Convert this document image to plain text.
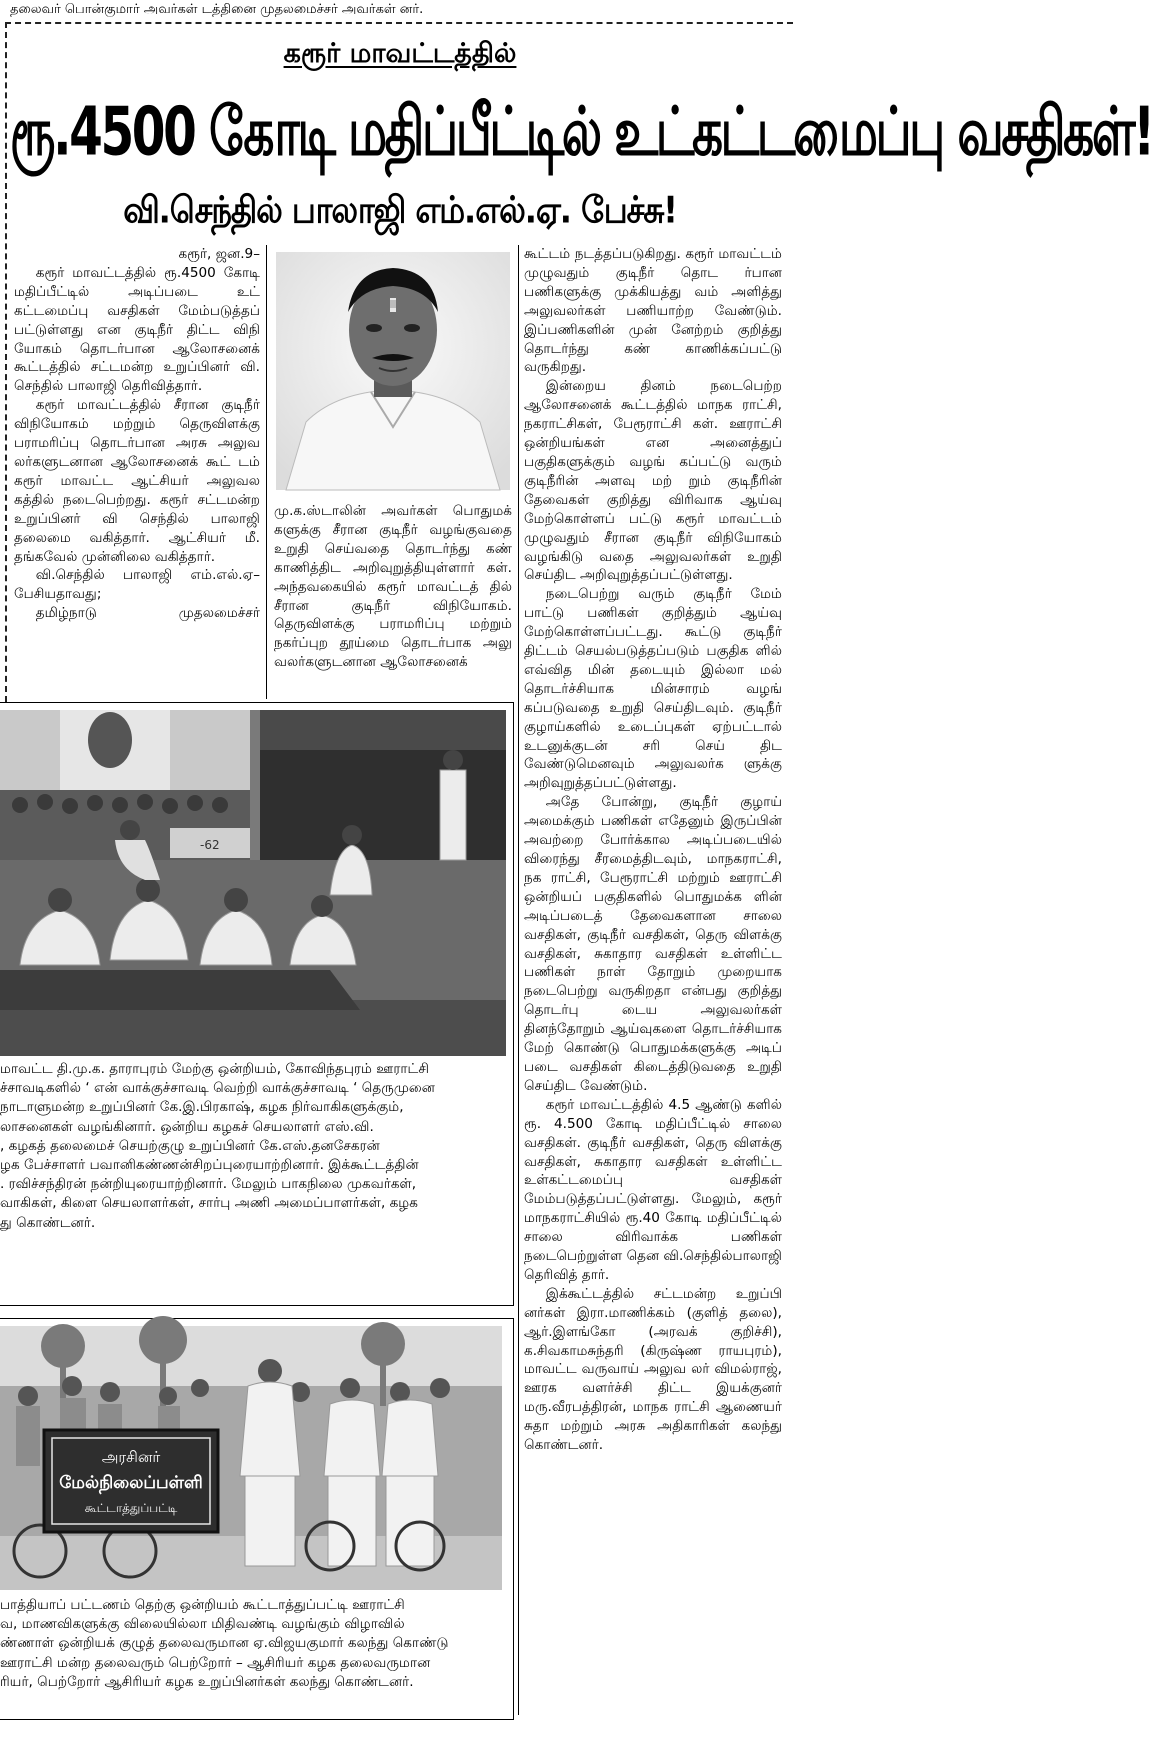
தலைவர் பொன்குமார் அவர்கள் டத்தினை முதலமைச்சர் அவர்கள் னர்.
கரூர் மாவட்டத்தில்
ரூ.4500 கோடி மதிப்பீட்டில் உட்கட்டமைப்பு வசதிகள்!
வி.செந்தில் பாலாஜி எம்.எல்.ஏ. பேச்சு!

கரூர், ஜன.9–

கரூர் மாவட்டத்தில் ரூ.4500 கோடி மதிப்பீட்டில் அடிப்படை உட் கட்டமைப்பு வசதிகள் மேம்படுத்தப் பட்டுள்ளது என குடிநீர் திட்ட விநி யோகம் தொடர்பான ஆலோசனைக் கூட்டத்தில் சட்டமன்ற உறுப்பினர் வி. செந்தில் பாலாஜி தெரிவித்தார்.

கரூர் மாவட்டத்தில் சீரான குடிநீர் விநியோகம் மற்றும் தெருவிளக்கு பராமரிப்பு தொடர்பான அரசு அலுவ லர்களுடனான ஆலோசனைக் கூட் டம் கரூர் மாவட்ட ஆட்சியர் அலுவல கத்தில் நடைபெற்றது. கரூர் சட்டமன்ற உறுப்பினர் வி செந்தில் பாலாஜி தலைமை வகித்தார். ஆட்சியர் மீ. தங்கவேல் முன்னிலை வகித்தார்.

வி.செந்தில் பாலாஜி எம்.எல்.ஏ– பேசியதாவது;

தமிழ்நாடு முதலமைச்சர்

மு.க.ஸ்டாலின் அவர்கள் பொதுமக் களுக்கு சீரான குடிநீர் வழங்குவதை உறுதி செய்வதை தொடர்ந்து கண் காணித்திட அறிவுறுத்தியுள்ளார் கள். அந்தவகையில் கரூர் மாவட்டத் தில் சீரான குடிநீர் விநியோகம். தெருவிளக்கு பராமரிப்பு மற்றும் நகர்ப்புற தூய்மை தொடர்பாக அலு வலர்களுடனான ஆலோசனைக்

கூட்டம் நடத்தப்படுகிறது. கரூர் மாவட்டம் முழுவதும் குடிநீர் தொட ர்பான பணிகளுக்கு முக்கியத்து வம் அளித்து அலுவலர்கள் பணியாற்ற வேண்டும். இப்பணிகளின் முன் னேற்றம் குறித்து தொடர்ந்து கண் காணிக்கப்பட்டு வருகிறது.

இன்றைய தினம் நடைபெற்ற ஆலோசனைக் கூட்டத்தில் மாநக ராட்சி, நகராட்சிகள், பேரூராட்சி கள். ஊராட்சி ஒன்றியங்கள் என அனைத்துப் பகுதிகளுக்கும் வழங் கப்பட்டு வரும் குடிநீரின் அளவு மற் றும் குடிநீரின் தேவைகள் குறித்து விரிவாக ஆய்வு மேற்கொள்ளப் பட்டு கரூர் மாவட்டம் முழுவதும் சீரான குடிநீர் விநியோகம் வழங்கிடு வதை அலுவலர்கள் உறுதி செய்திட அறிவுறுத்தப்பட்டுள்ளது.

நடைபெற்று வரும் குடிநீர் மேம் பாட்டு பணிகள் குறித்தும் ஆய்வு மேற்கொள்ளப்பட்டது. கூட்டு குடிநீர் திட்டம் செயல்படுத்தப்படும் பகுதிக ளில் எவ்வித மின் தடையும் இல்லா மல் தொடர்ச்சியாக மின்சாரம் வழங் கப்படுவதை உறுதி செய்திடவும். குடிநீர் குழாய்களில் உடைப்புகள் ஏற்பட்டால் உடனுக்குடன் சரி செய் திட வேண்டுமெனவும் அலுவலர்க ளுக்கு அறிவுறுத்தப்பட்டுள்ளது.

அதே போன்று, குடிநீர் குழாய் அமைக்கும் பணிகள் எதேனும் இருப்பின் அவற்றை போர்க்கால அடிப்படையில் விரைந்து சீரமைத்திடவும், மாநகராட்சி, நக ராட்சி, பேரூராட்சி மற்றும் ஊராட்சி ஒன்றியப் பகுதிகளில் பொதுமக்க ளின் அடிப்படைத் தேவைகளான சாலை வசதிகள், குடிநீர் வசதிகள், தெரு விளக்கு வசதிகள், சுகாதார வசதிகள் உள்ளிட்ட பணிகள் நாள் தோறும் முறையாக நடைபெற்று வருகிறதா என்பது குறித்து தொடர்பு டைய அலுவலர்கள் தினந்தோறும் ஆய்வுகளை தொடர்ச்சியாக மேற் கொண்டு பொதுமக்களுக்கு அடிப் படை வசதிகள் கிடைத்திடுவதை உறுதி செய்திட வேண்டும்.

கரூர் மாவட்டத்தில் 4.5 ஆண்டு களில் ரூ. 4.500 கோடி மதிப்பீட்டில் சாலை வசதிகள். குடிநீர் வசதிகள், தெரு விளக்கு வசதிகள், சுகாதார வசதிகள் உள்ளிட்ட உள்கட்டமைப்பு வசதிகள் மேம்படுத்தப்பட்டுள்ளது. மேலும், கரூர் மாநகராட்சியில் ரூ.40 கோடி மதிப்பீட்டில் சாலை விரிவாக்க பணிகள் நடைபெற்றுள்ள தென வி.செந்தில்பாலாஜி தெரிவித் தார்.

இக்கூட்டத்தில் சட்டமன்ற உறுப்பி னர்கள் இரா.மாணிக்கம் (குளித் தலை), ஆர்.இளங்கோ (அரவக் குறிச்சி), க.சிவகாமசுந்தரி (கிருஷ்ண ராயபுரம்), மாவட்ட வருவாய் அலுவ லர் விமல்ராஜ், ஊரக வளர்ச்சி திட்ட இயக்குனர் மரு.வீரபத்திரன், மாநக ராட்சி ஆணையர் சுதா மற்றும் அரசு அதிகாரிகள் கலந்து கொண்டனர்.

-62
மாவட்ட தி.மு.க. தாராபுரம் மேற்கு ஒன்றியம், கோவிந்தபுரம் ஊராட்சி
ச்சாவடிகளில் ‘ என் வாக்குச்சாவடி வெற்றி வாக்குச்சாவடி ‘ தெருமுனை
நாடாளுமன்ற உறுப்பினர் கே.இ.பிரகாஷ், கழக நிர்வாகிகளுக்கும்,
லாசனைகள் வழங்கினார். ஒன்றிய கழகச் செயலாளர் எஸ்.வி.
, கழகத் தலைமைச் செயற்குழு உறுப்பினர் கே.எஸ்.தனசேகரன்
ழக பேச்சாளர் பவானிகண்ணன்சிறப்புரையாற்றினார். இக்கூட்டத்தின்
. ரவிச்சந்திரன் நன்றியுரையாற்றினார். மேலும் பாகநிலை முகவர்கள்,
வாகிகள், கிளை செயலாளர்கள், சார்பு அணி அமைப்பாளர்கள், கழக
து கொண்டனர்.
அரசினர்
மேல்நிலைப்பள்ளி
கூட்டாத்துப்பட்டி
பாத்தியாப் பட்டணம் தெற்கு ஒன்றியம் கூட்டாத்துப்பட்டி ஊராட்சி
வ, மாணவிகளுக்கு விலையில்லா மிதிவண்டி வழங்கும் விழாவில்
ண்ணாள் ஒன்றியக் குழுத் தலைவருமான ஏ.விஜயகுமார் கலந்து கொண்டு
ஊராட்சி மன்ற தலைவரும் பெற்றோர் – ஆசிரியர் கழக தலைவருமான
ரியர், பெற்றோர் ஆசிரியர் கழக உறுப்பினர்கள் கலந்து கொண்டனர்.
